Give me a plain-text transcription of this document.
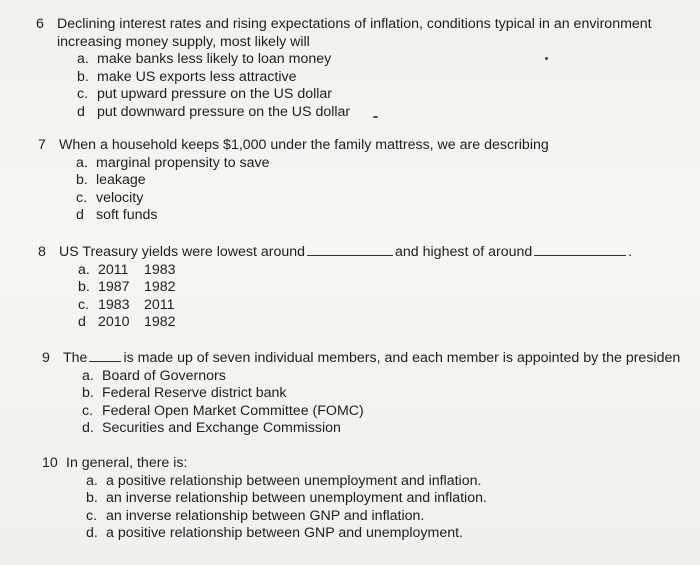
6 Declining interest rates and rising expectations of inflation, conditions typical in an environment
increasing money supply, most likely will
a. make banks less likely to loan money
b. make US exports less attractive
c. put upward pressure on the US dollar
d put downward pressure on the US dollar
7 When a household keeps $1,000 under the family mattress, we are describing
a. marginal propensity to save
b. leakage
c. velocity
d soft funds
8 US Treasury yields were lowest around	and highest of around	.
a. 2011 1983
b. 1987 1982
c. 1983 2011
d 2010 1982
9 The	is made up of seven individual members, and each member is appointed by the presiden
a. Board of Governors
b. Federal Reserve district bank
c. Federal Open Market Committee (FOMC)
d. Securities and Exchange Commission
10 In general, there is:
a. a positive relationship between unemployment and inflation.
b. an inverse relationship between unemployment and inflation.
c. an inverse relationship between GNP and inflation.
d. a positive relationship between GNP and unemployment.
